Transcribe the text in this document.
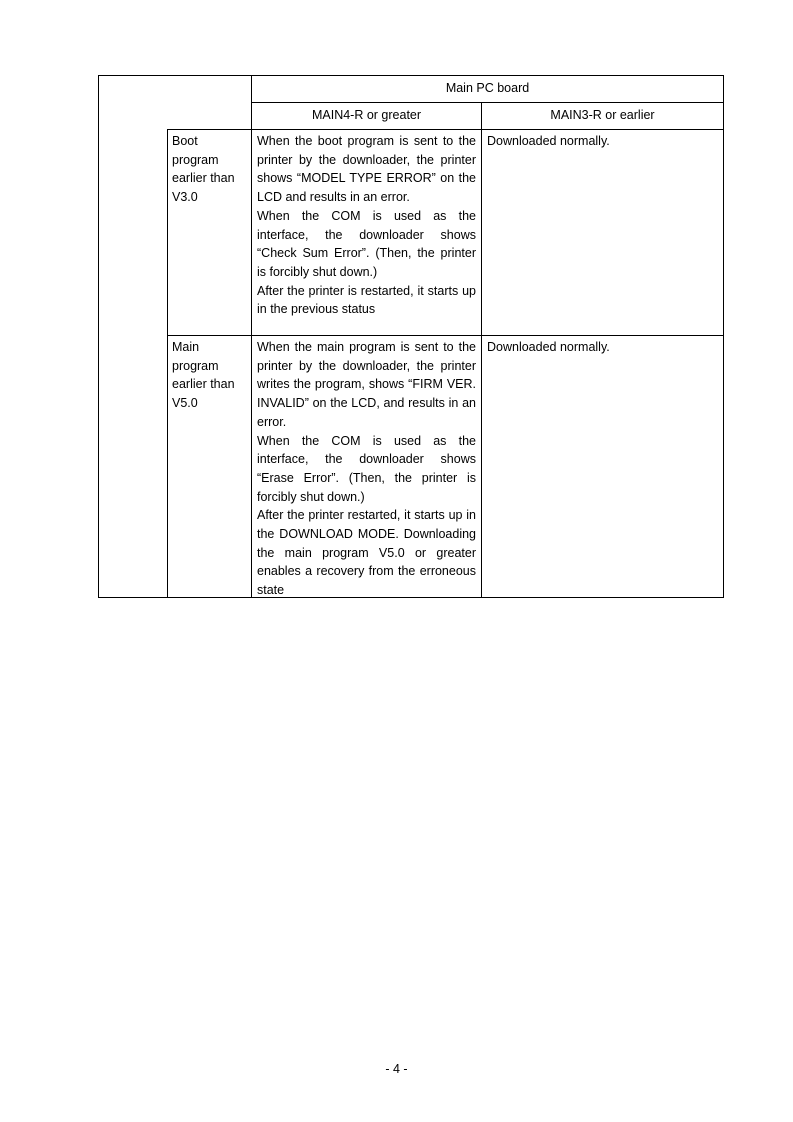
Main PC board
MAIN4-R or greater	MAIN3-R or earlier
Boot
program
earlier than
V3.0
When the boot program is sent to the printer by the downloader, the printer shows “MODEL TYPE ERROR” on the LCD and results in an error.
When the COM is used as the interface, the downloader shows “Check Sum Error”. (Then, the printer is forcibly shut down.)
After the printer is restarted, it starts up in the previous status
Downloaded normally.
Main
program
earlier than
V5.0
When the main program is sent to the printer by the downloader, the printer writes the program, shows “FIRM VER. INVALID” on the LCD, and results in an error.
When the COM is used as the interface, the downloader shows “Erase Error”. (Then, the printer is forcibly shut down.)
After the printer restarted, it starts up in the DOWNLOAD MODE. Downloading the main program V5.0 or greater enables a recovery from the erroneous state
Downloaded normally.
- 4 -
